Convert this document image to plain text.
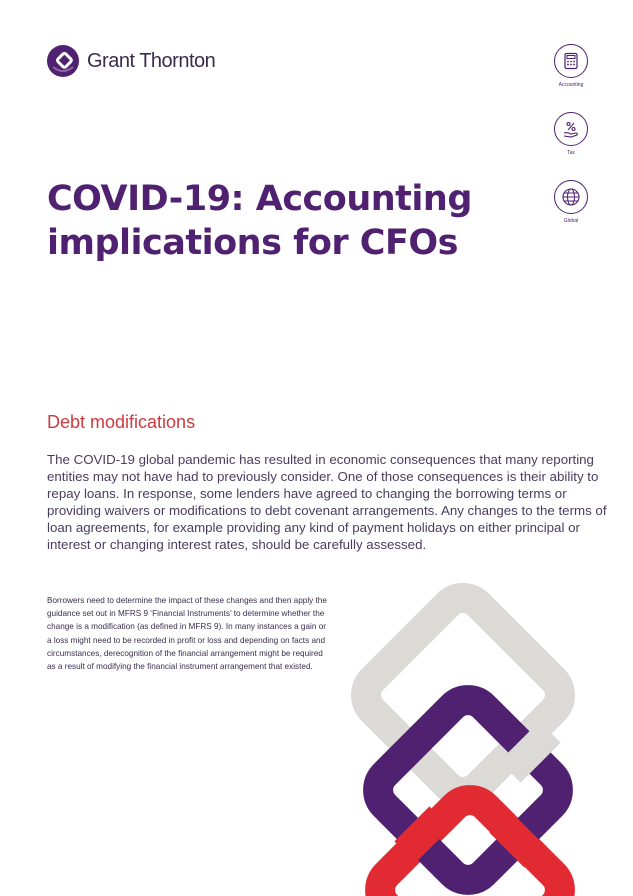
Grant Thornton
Accounting
Tax
Global
COVID-19: Accounting implications for CFOs
Debt modifications

The COVID-19 global pandemic has resulted in economic consequences that many reporting entities may not have had to previously consider. One of those consequences is their ability to repay loans. In response, some lenders have agreed to changing the borrowing terms or providing waivers or modifications to debt covenant arrangements. Any changes to the terms of loan agreements, for example providing any kind of payment holidays on either principal or interest or changing interest rates, should be carefully assessed.

Borrowers need to determine the impact of these changes and then apply the guidance set out in MFRS 9 ‘Financial Instruments’ to determine whether the change is a modification (as defined in MFRS 9). In many instances a gain or a loss might need to be recorded in profit or loss and depending on facts and circumstances, derecognition of the financial arrangement might be required as a result of modifying the financial instrument arrangement that existed.
